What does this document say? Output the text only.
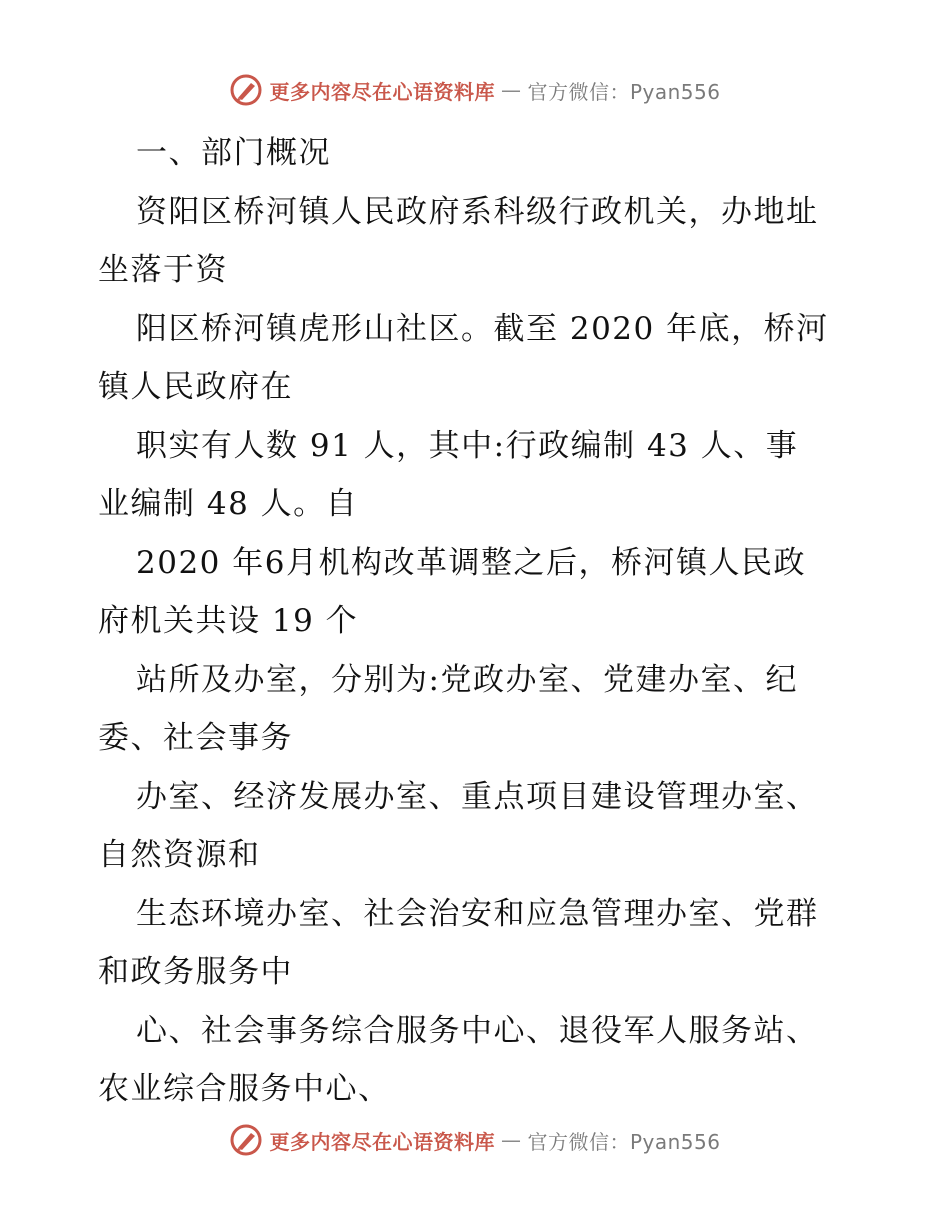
更多内容尽在心语资料库 — 官方微信：Pyan556
一、部门概况
资阳区桥河镇人民政府系科级行政机关，办地址
坐落于资
阳区桥河镇虎形山社区。截至 2020 年底，桥河
镇人民政府在
职实有人数 91 人，其中:行政编制 43 人、事
业编制 48 人。自
2020 年6月机构改革调整之后，桥河镇人民政
府机关共设 19 个
站所及办室，分别为:党政办室、党建办室、纪
委、社会事务
办室、经济发展办室、重点项目建设管理办室、
自然资源和
生态环境办室、社会治安和应急管理办室、党群
和政务服务中
心、社会事务综合服务中心、退役军人服务站、
农业综合服务中心、
更多内容尽在心语资料库 — 官方微信：Pyan556
